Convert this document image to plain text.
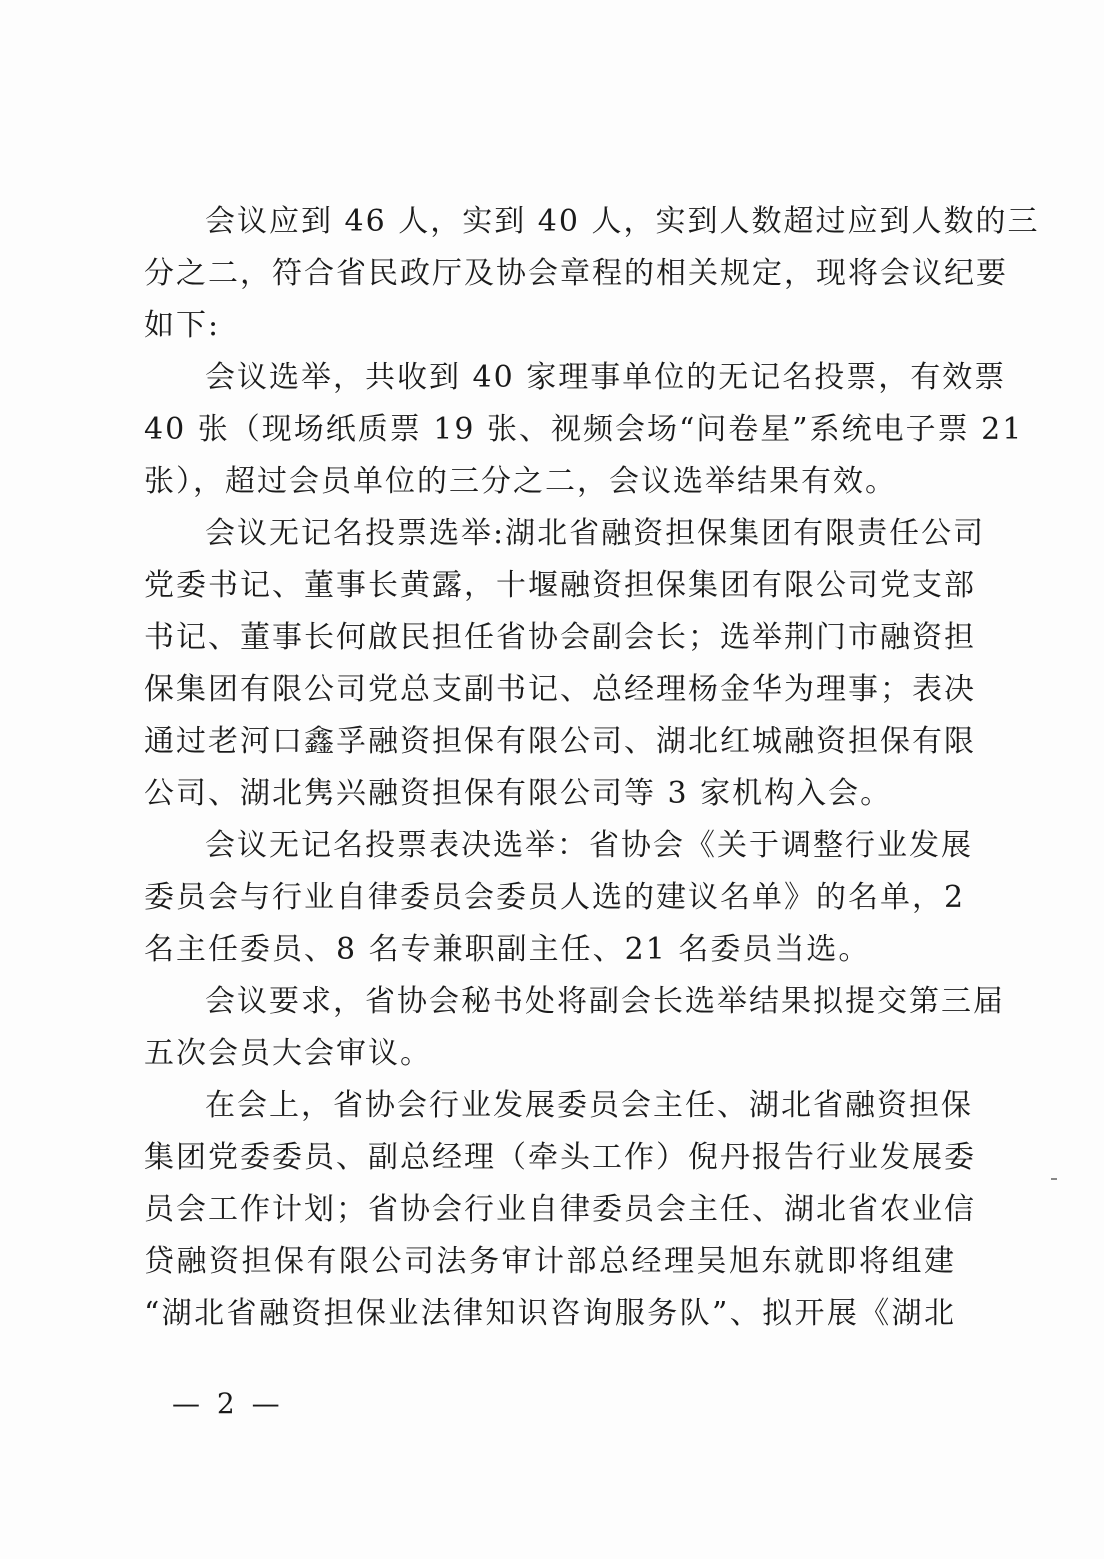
会议应到 46 人，实到 40 人，实到人数超过应到人数的三
分之二，符合省民政厅及协会章程的相关规定，现将会议纪要
如下:
会议选举，共收到 40 家理事单位的无记名投票，有效票
40 张（现场纸质票 19 张、视频会场“问卷星”系统电子票 21
张），超过会员单位的三分之二，会议选举结果有效。
会议无记名投票选举:湖北省融资担保集团有限责任公司
党委书记、董事长黄露，十堰融资担保集团有限公司党支部
书记、董事长何啟民担任省协会副会长；选举荆门市融资担
保集团有限公司党总支副书记、总经理杨金华为理事；表决
通过老河口鑫孚融资担保有限公司、湖北红城融资担保有限
公司、湖北隽兴融资担保有限公司等 3 家机构入会。
会议无记名投票表决选举：省协会《关于调整行业发展
委员会与行业自律委员会委员人选的建议名单》的名单，2
名主任委员、8 名专兼职副主任、21 名委员当选。
会议要求，省协会秘书处将副会长选举结果拟提交第三届
五次会员大会审议。
在会上，省协会行业发展委员会主任、湖北省融资担保
集团党委委员、副总经理（牵头工作）倪丹报告行业发展委
员会工作计划；省协会行业自律委员会主任、湖北省农业信
贷融资担保有限公司法务审计部总经理吴旭东就即将组建
“湖北省融资担保业法律知识咨询服务队”、拟开展《湖北
— 2 —
